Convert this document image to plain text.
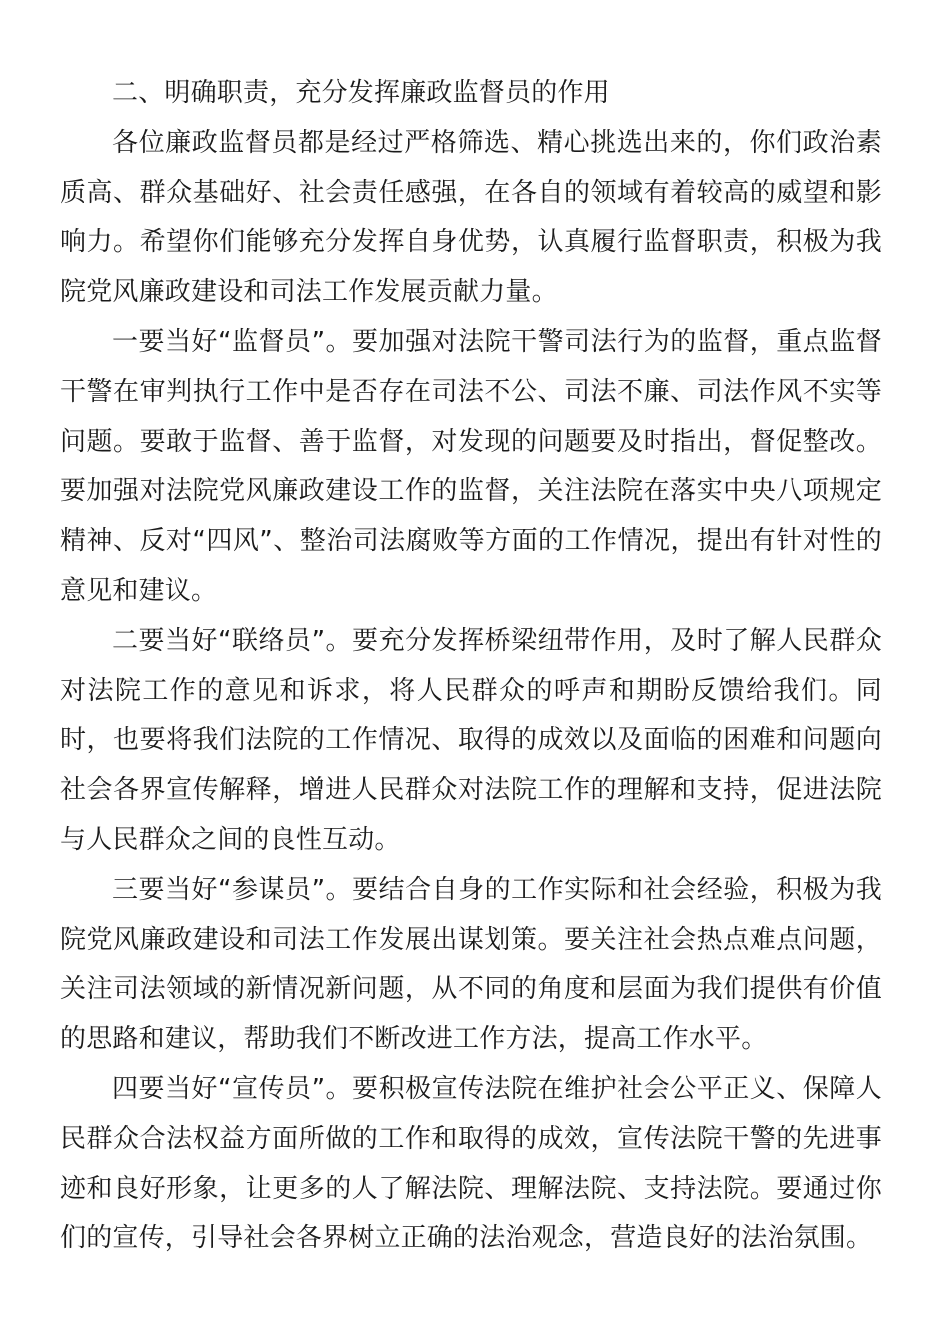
二、明确职责，充分发挥廉政监督员的作用

各位廉政监督员都是经过严格筛选、精心挑选出来的，你们政治素质高、群众基础好、社会责任感强，在各自的领域有着较高的威望和影响力。希望你们能够充分发挥自身优势，认真履行监督职责，积极为我院党风廉政建设和司法工作发展贡献力量。

一要当好“监督员”。要加强对法院干警司法行为的监督，重点监督干警在审判执行工作中是否存在司法不公、司法不廉、司法作风不实等问题。要敢于监督、善于监督，对发现的问题要及时指出，督促整改。要加强对法院党风廉政建设工作的监督，关注法院在落实中央八项规定精神、反对“四风”、整治司法腐败等方面的工作情况，提出有针对性的意见和建议。

二要当好“联络员”。要充分发挥桥梁纽带作用，及时了解人民群众对法院工作的意见和诉求，将人民群众的呼声和期盼反馈给我们。同时，也要将我们法院的工作情况、取得的成效以及面临的困难和问题向社会各界宣传解释，增进人民群众对法院工作的理解和支持，促进法院与人民群众之间的良性互动。

三要当好“参谋员”。要结合自身的工作实际和社会经验，积极为我院党风廉政建设和司法工作发展出谋划策。要关注社会热点难点问题，关注司法领域的新情况新问题，从不同的角度和层面为我们提供有价值的思路和建议，帮助我们不断改进工作方法，提高工作水平。

四要当好“宣传员”。要积极宣传法院在维护社会公平正义、保障人民群众合法权益方面所做的工作和取得的成效，宣传法院干警的先进事迹和良好形象，让更多的人了解法院、理解法院、支持法院。要通过你们的宣传，引导社会各界树立正确的法治观念，营造良好的法治氛围。
